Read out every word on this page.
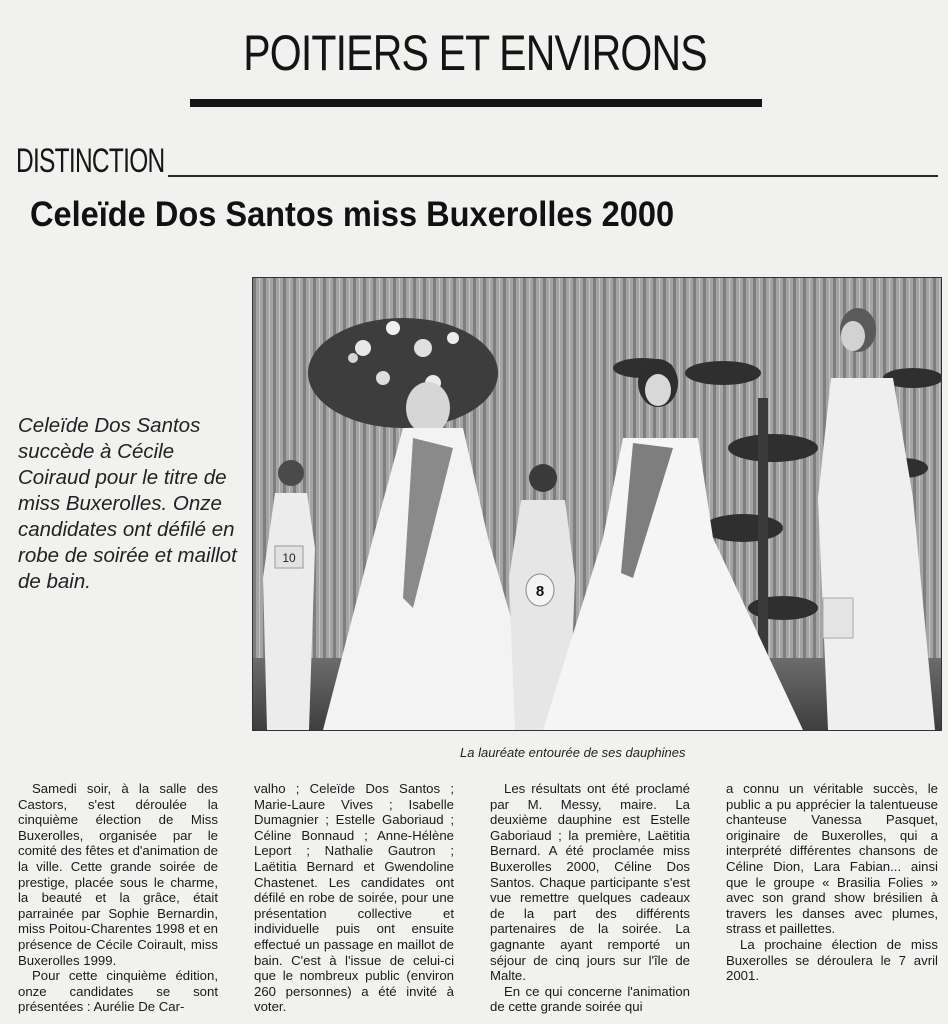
POITIERS ET ENVIRONS
DISTINCTION
Celeïde Dos Santos miss Buxerolles 2000
Celeïde Dos Santos succède à Cécile Coiraud pour le titre de miss Buxerolles. Onze candidates ont défilé en robe de soirée et maillot de bain.
10
8
La lauréate entourée de ses dauphines

Samedi soir, à la salle des Castors, s'est déroulée la cinquième élection de Miss Buxerolles, organisée par le comité des fêtes et d'animation de la ville. Cette grande soirée de prestige, placée sous le charme, la beauté et la grâce, était parrainée par Sophie Bernardin, miss Poitou-Charentes 1998 et en présence de Cécile Coirault, miss Buxerolles 1999.

Pour cette cinquième édition, onze candidates se sont présentées : Aurélie De Car-

valho ; Celeïde Dos Santos ; Marie-Laure Vives ; Isabelle Dumagnier ; Estelle Gaboriaud ; Céline Bonnaud ; Anne-Hélène Leport ; Nathalie Gautron ; Laëtitia Bernard et Gwendoline Chastenet. Les candidates ont défilé en robe de soirée, pour une présentation collective et individuelle puis ont ensuite effectué un passage en maillot de bain. C'est à l'issue de celui-ci que le nombreux public (environ 260 personnes) a été invité à voter.

Les résultats ont été proclamé par M. Messy, maire. La deuxième dauphine est Estelle Gaboriaud ; la première, Laëtitia Bernard. A été proclamée miss Buxerolles 2000, Céline Dos Santos. Chaque participante s'est vue remettre quelques cadeaux de la part des différents partenaires de la soirée. La gagnante ayant remporté un séjour de cinq jours sur l'île de Malte.

En ce qui concerne l'animation de cette grande soirée qui

a connu un véritable succès, le public a pu apprécier la talentueuse chanteuse Vanessa Pasquet, originaire de Buxerolles, qui a interprété différentes chansons de Céline Dion, Lara Fabian... ainsi que le groupe « Brasilia Folies » avec son grand show brésilien à travers les danses avec plumes, strass et paillettes.

La prochaine élection de miss Buxerolles se déroulera le 7 avril 2001.
